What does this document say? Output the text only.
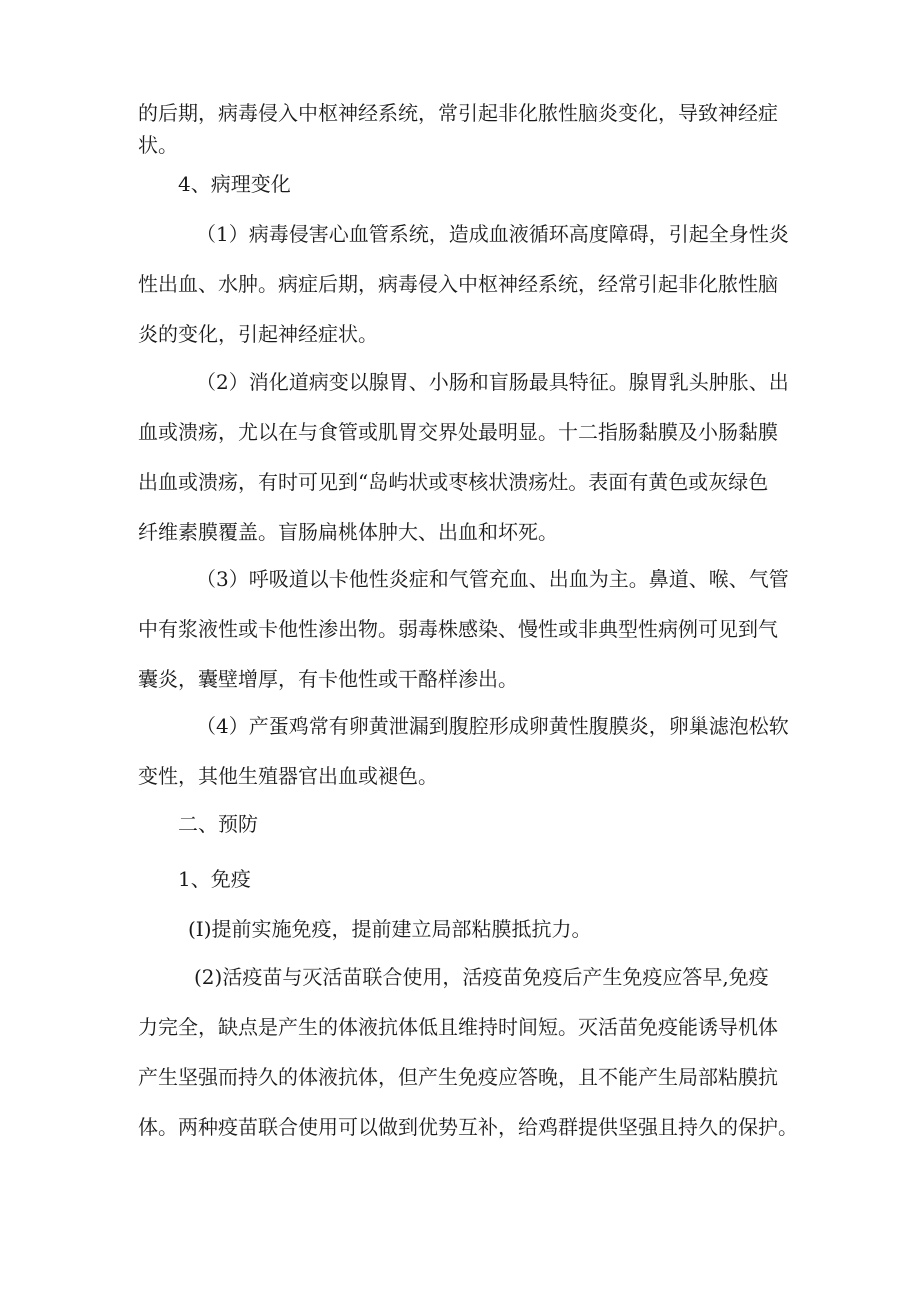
的后期，病毒侵入中枢神经系统，常引起非化脓性脑炎变化，导致神经症
状。
4、病理变化
（1）病毒侵害心血管系统，造成血液循环高度障碍，引起全身性炎
性出血、水肿。病症后期，病毒侵入中枢神经系统，经常引起非化脓性脑
炎的变化，引起神经症状。
（2）消化道病变以腺胃、小肠和盲肠最具特征。腺胃乳头肿胀、出
血或溃疡，尤以在与食管或肌胃交界处最明显。十二指肠黏膜及小肠黏膜
出血或溃疡，有时可见到“岛屿状或枣核状溃疡灶。表面有黄色或灰绿色
纤维素膜覆盖。盲肠扁桃体肿大、出血和坏死。
（3）呼吸道以卡他性炎症和气管充血、出血为主。鼻道、喉、气管
中有浆液性或卡他性渗出物。弱毒株感染、慢性或非典型性病例可见到气
囊炎，囊壁增厚，有卡他性或干酪样渗出。
（4）产蛋鸡常有卵黄泄漏到腹腔形成卵黄性腹膜炎，卵巢滤泡松软
变性，其他生殖器官出血或褪色。
二、预防
1、免疫
(I)提前实施免疫，提前建立局部粘膜抵抗力。
(2)活疫苗与灭活苗联合使用，活疫苗免疫后产生免疫应答早,免疫
力完全，缺点是产生的体液抗体低且维持时间短。灭活苗免疫能诱导机体
产生坚强而持久的体液抗体，但产生免疫应答晚，且不能产生局部粘膜抗
体。两种疫苗联合使用可以做到优势互补，给鸡群提供坚强且持久的保护。
